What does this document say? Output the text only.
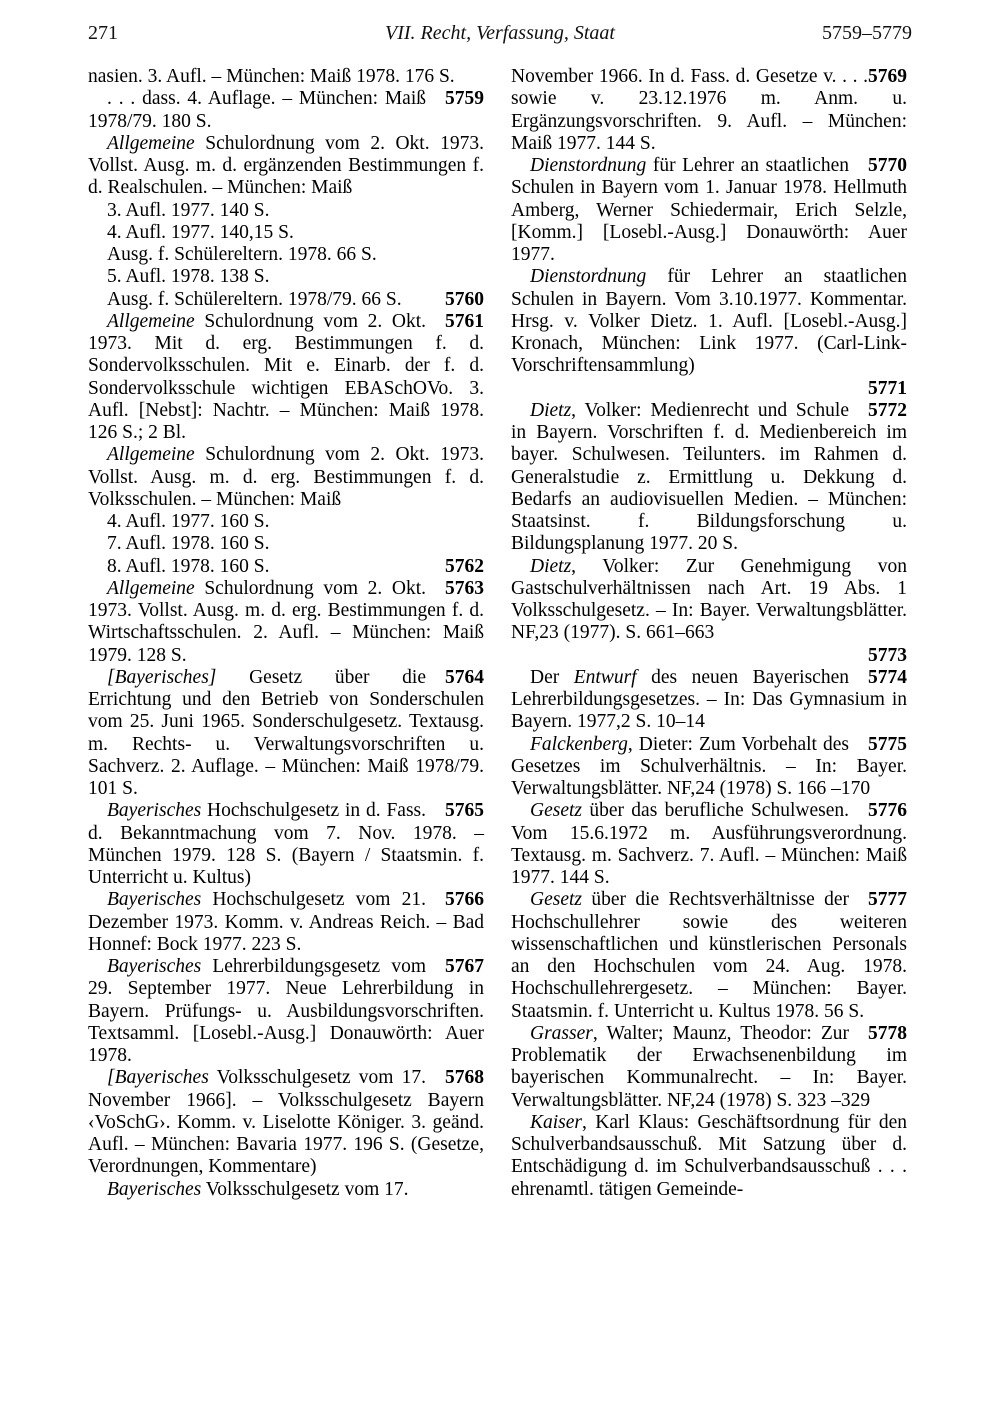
271	VII. Recht, Verfassung, Staat	5759–5779
nasien. 3. Aufl. – München: Maiß 1978. 176 S.
5759
. . . dass. 4. Auflage. – München: Maiß 1978/79. 180 S.
Allgemeine Schulordnung vom 2. Okt. 1973. Vollst. Ausg. m. d. ergänzenden Bestimmungen f. d. Realschulen. – München: Maiß
3. Aufl. 1977. 140 S.
4. Aufl. 1977. 140,15 S.
Ausg. f. Schülereltern. 1978. 66 S.
5. Aufl. 1978. 138 S.
5760
Ausg. f. Schülereltern. 1978/79. 66 S.
5761
Allgemeine Schulordnung vom 2. Okt. 1973. Mit d. erg. Bestimmungen f. d. Sondervolksschulen. Mit e. Einarb. der f. d. Sondervolksschule wichtigen EBASchOVo. 3. Aufl. [Nebst]: Nachtr. – München: Maiß 1978. 126 S.; 2 Bl.
Allgemeine Schulordnung vom 2. Okt. 1973. Vollst. Ausg. m. d. erg. Bestimmungen f. d. Volksschulen. – München: Maiß
4. Aufl. 1977. 160 S.
7. Aufl. 1978. 160 S.
5762
8. Aufl. 1978. 160 S.
5763
Allgemeine Schulordnung vom 2. Okt. 1973. Vollst. Ausg. m. d. erg. Bestimmungen f. d. Wirtschaftsschulen. 2. Aufl. – München: Maiß 1979. 128 S.
5764
[Bayerisches] Gesetz über die Errichtung und den Betrieb von Sonderschulen vom 25. Juni 1965. Sonderschulgesetz. Textausg. m. Rechts- u. Verwaltungsvorschriften u. Sachverz. 2. Auflage. – München: Maiß 1978/79. 101 S.
5765
Bayerisches Hochschulgesetz in d. Fass. d. Bekanntmachung vom 7. Nov. 1978. – München 1979. 128 S. (Bayern / Staatsmin. f. Unterricht u. Kultus)
5766
Bayerisches Hochschulgesetz vom 21. Dezember 1973. Komm. v. Andreas Reich. – Bad Honnef: Bock 1977. 223 S.
5767
Bayerisches Lehrerbildungsgesetz vom 29. September 1977. Neue Lehrerbildung in Bayern. Prüfungs- u. Ausbildungsvorschriften. Textsamml. [Losebl.-Ausg.] Donauwörth: Auer 1978.
5768
[Bayerisches Volksschulgesetz vom 17. November 1966]. – Volksschulgesetz Bayern ‹VoSchG›. Komm. v. Liselotte Königer. 3. geänd. Aufl. – München: Bavaria 1977. 196 S. (Gesetze, Verordnungen, Kommentare)
Bayerisches Volksschulgesetz vom 17.
5769
November 1966. In d. Fass. d. Gesetze v. . . . sowie v. 23.12.1976 m. Anm. u. Ergänzungsvorschriften. 9. Aufl. – München: Maiß 1977. 144 S.
5770
Dienstordnung für Lehrer an staatlichen Schulen in Bayern vom 1. Januar 1978. Hellmuth Amberg, Werner Schiedermair, Erich Selzle, [Komm.] [Losebl.-Ausg.] Donauwörth: Auer 1977.
Dienstordnung für Lehrer an staatlichen Schulen in Bayern. Vom 3.10.1977. Kommentar. Hrsg. v. Volker Dietz. 1. Aufl. [Losebl.-Ausg.] Kronach, München: Link 1977. (Carl-Link-Vorschriftensammlung)
5771
5772
Dietz, Volker: Medienrecht und Schule in Bayern. Vorschriften f. d. Medienbereich im bayer. Schulwesen. Teilunters. im Rahmen d. Generalstudie z. Ermittlung u. Dekkung d. Bedarfs an audiovisuellen Medien. – München: Staatsinst. f. Bildungsforschung u. Bildungsplanung 1977. 20 S.
Dietz, Volker: Zur Genehmigung von Gastschulverhältnissen nach Art. 19 Abs. 1 Volksschulgesetz. – In: Bayer. Verwaltungsblätter. NF,23 (1977). S. 661–663
5773
5774
Der Entwurf des neuen Bayerischen Lehrerbildungsgesetzes. – In: Das Gymnasium in Bayern. 1977,2 S. 10–14
5775
Falckenberg, Dieter: Zum Vorbehalt des Gesetzes im Schulverhältnis. – In: Bayer. Verwaltungsblätter. NF,24 (1978) S. 166 –170
5776
Gesetz über das berufliche Schulwesen. Vom 15.6.1972 m. Ausführungsverordnung. Textausg. m. Sachverz. 7. Aufl. – München: Maiß 1977. 144 S.
5777
Gesetz über die Rechtsverhältnisse der Hochschullehrer sowie des weiteren wissenschaftlichen und künstlerischen Personals an den Hochschulen vom 24. Aug. 1978. Hochschullehrergesetz. – München: Bayer. Staatsmin. f. Unterricht u. Kultus 1978. 56 S.
5778
Grasser, Walter; Maunz, Theodor: Zur Problematik der Erwachsenenbildung im bayerischen Kommunalrecht. – In: Bayer. Verwaltungsblätter. NF,24 (1978) S. 323 –329
Kaiser, Karl Klaus: Geschäftsordnung für den Schulverbandsausschuß. Mit Satzung über d. Entschädigung d. im Schulverbandsausschuß . . . ehrenamtl. tätigen Gemeinde-
